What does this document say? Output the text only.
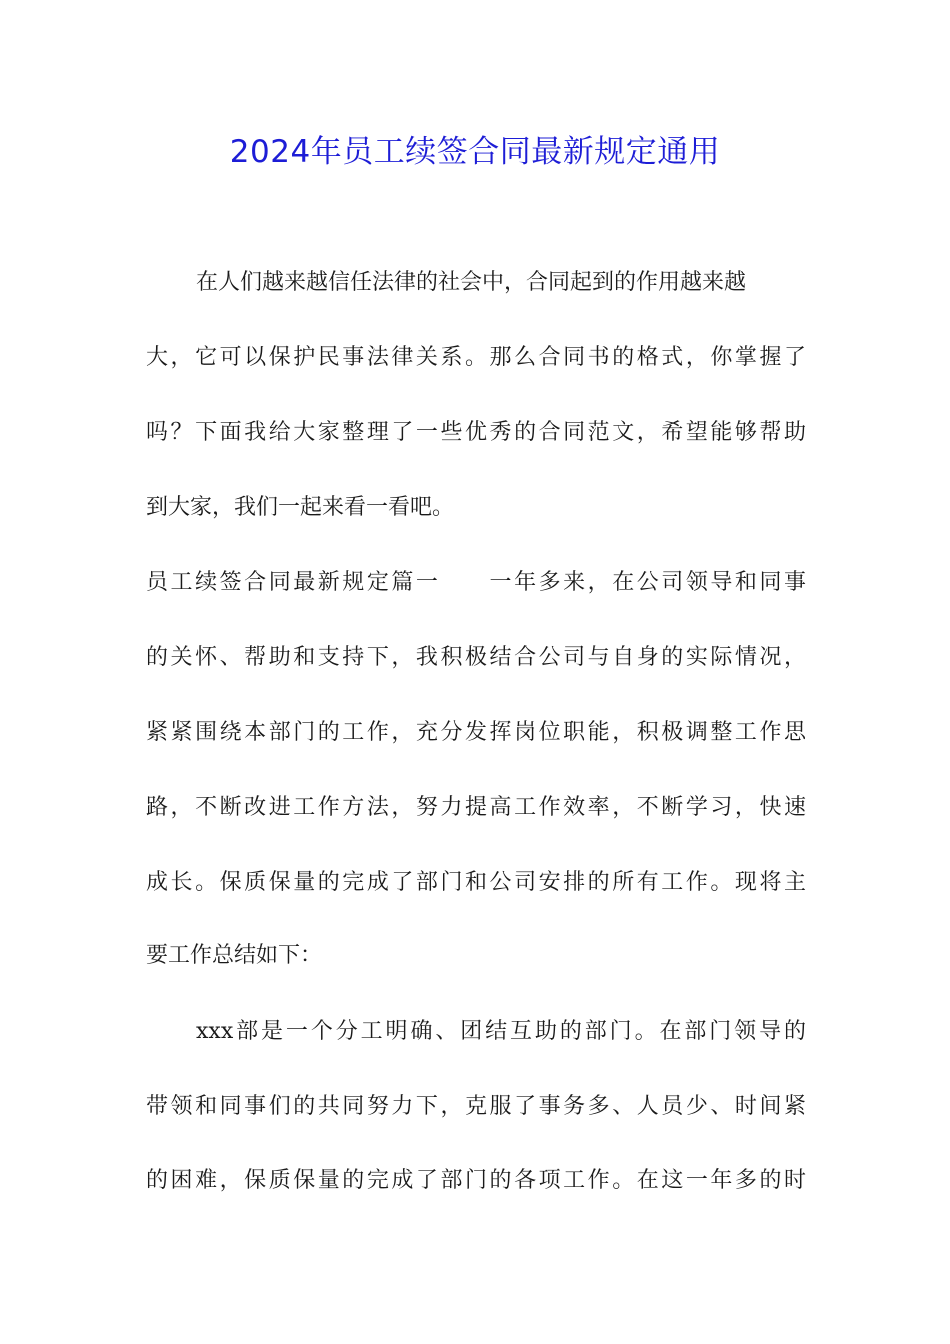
2024年员工续签合同最新规定通用

在人们越来越信任法律的社会中，合同起到的作用越来越

大，它可以保护民事法律关系。那么合同书的格式，你掌握了

吗？下面我给大家整理了一些优秀的合同范文，希望能够帮助

到大家，我们一起来看一看吧。

员工续签合同最新规定篇一　　一年多来，在公司领导和同事

的关怀、帮助和支持下，我积极结合公司与自身的实际情况，

紧紧围绕本部门的工作，充分发挥岗位职能，积极调整工作思

路，不断改进工作方法，努力提高工作效率，不断学习，快速

成长。保质保量的完成了部门和公司安排的所有工作。现将主

要工作总结如下：

xxx部是一个分工明确、团结互助的部门。在部门领导的

带领和同事们的共同努力下，克服了事务多、人员少、时间紧

的困难，保质保量的完成了部门的各项工作。在这一年多的时
